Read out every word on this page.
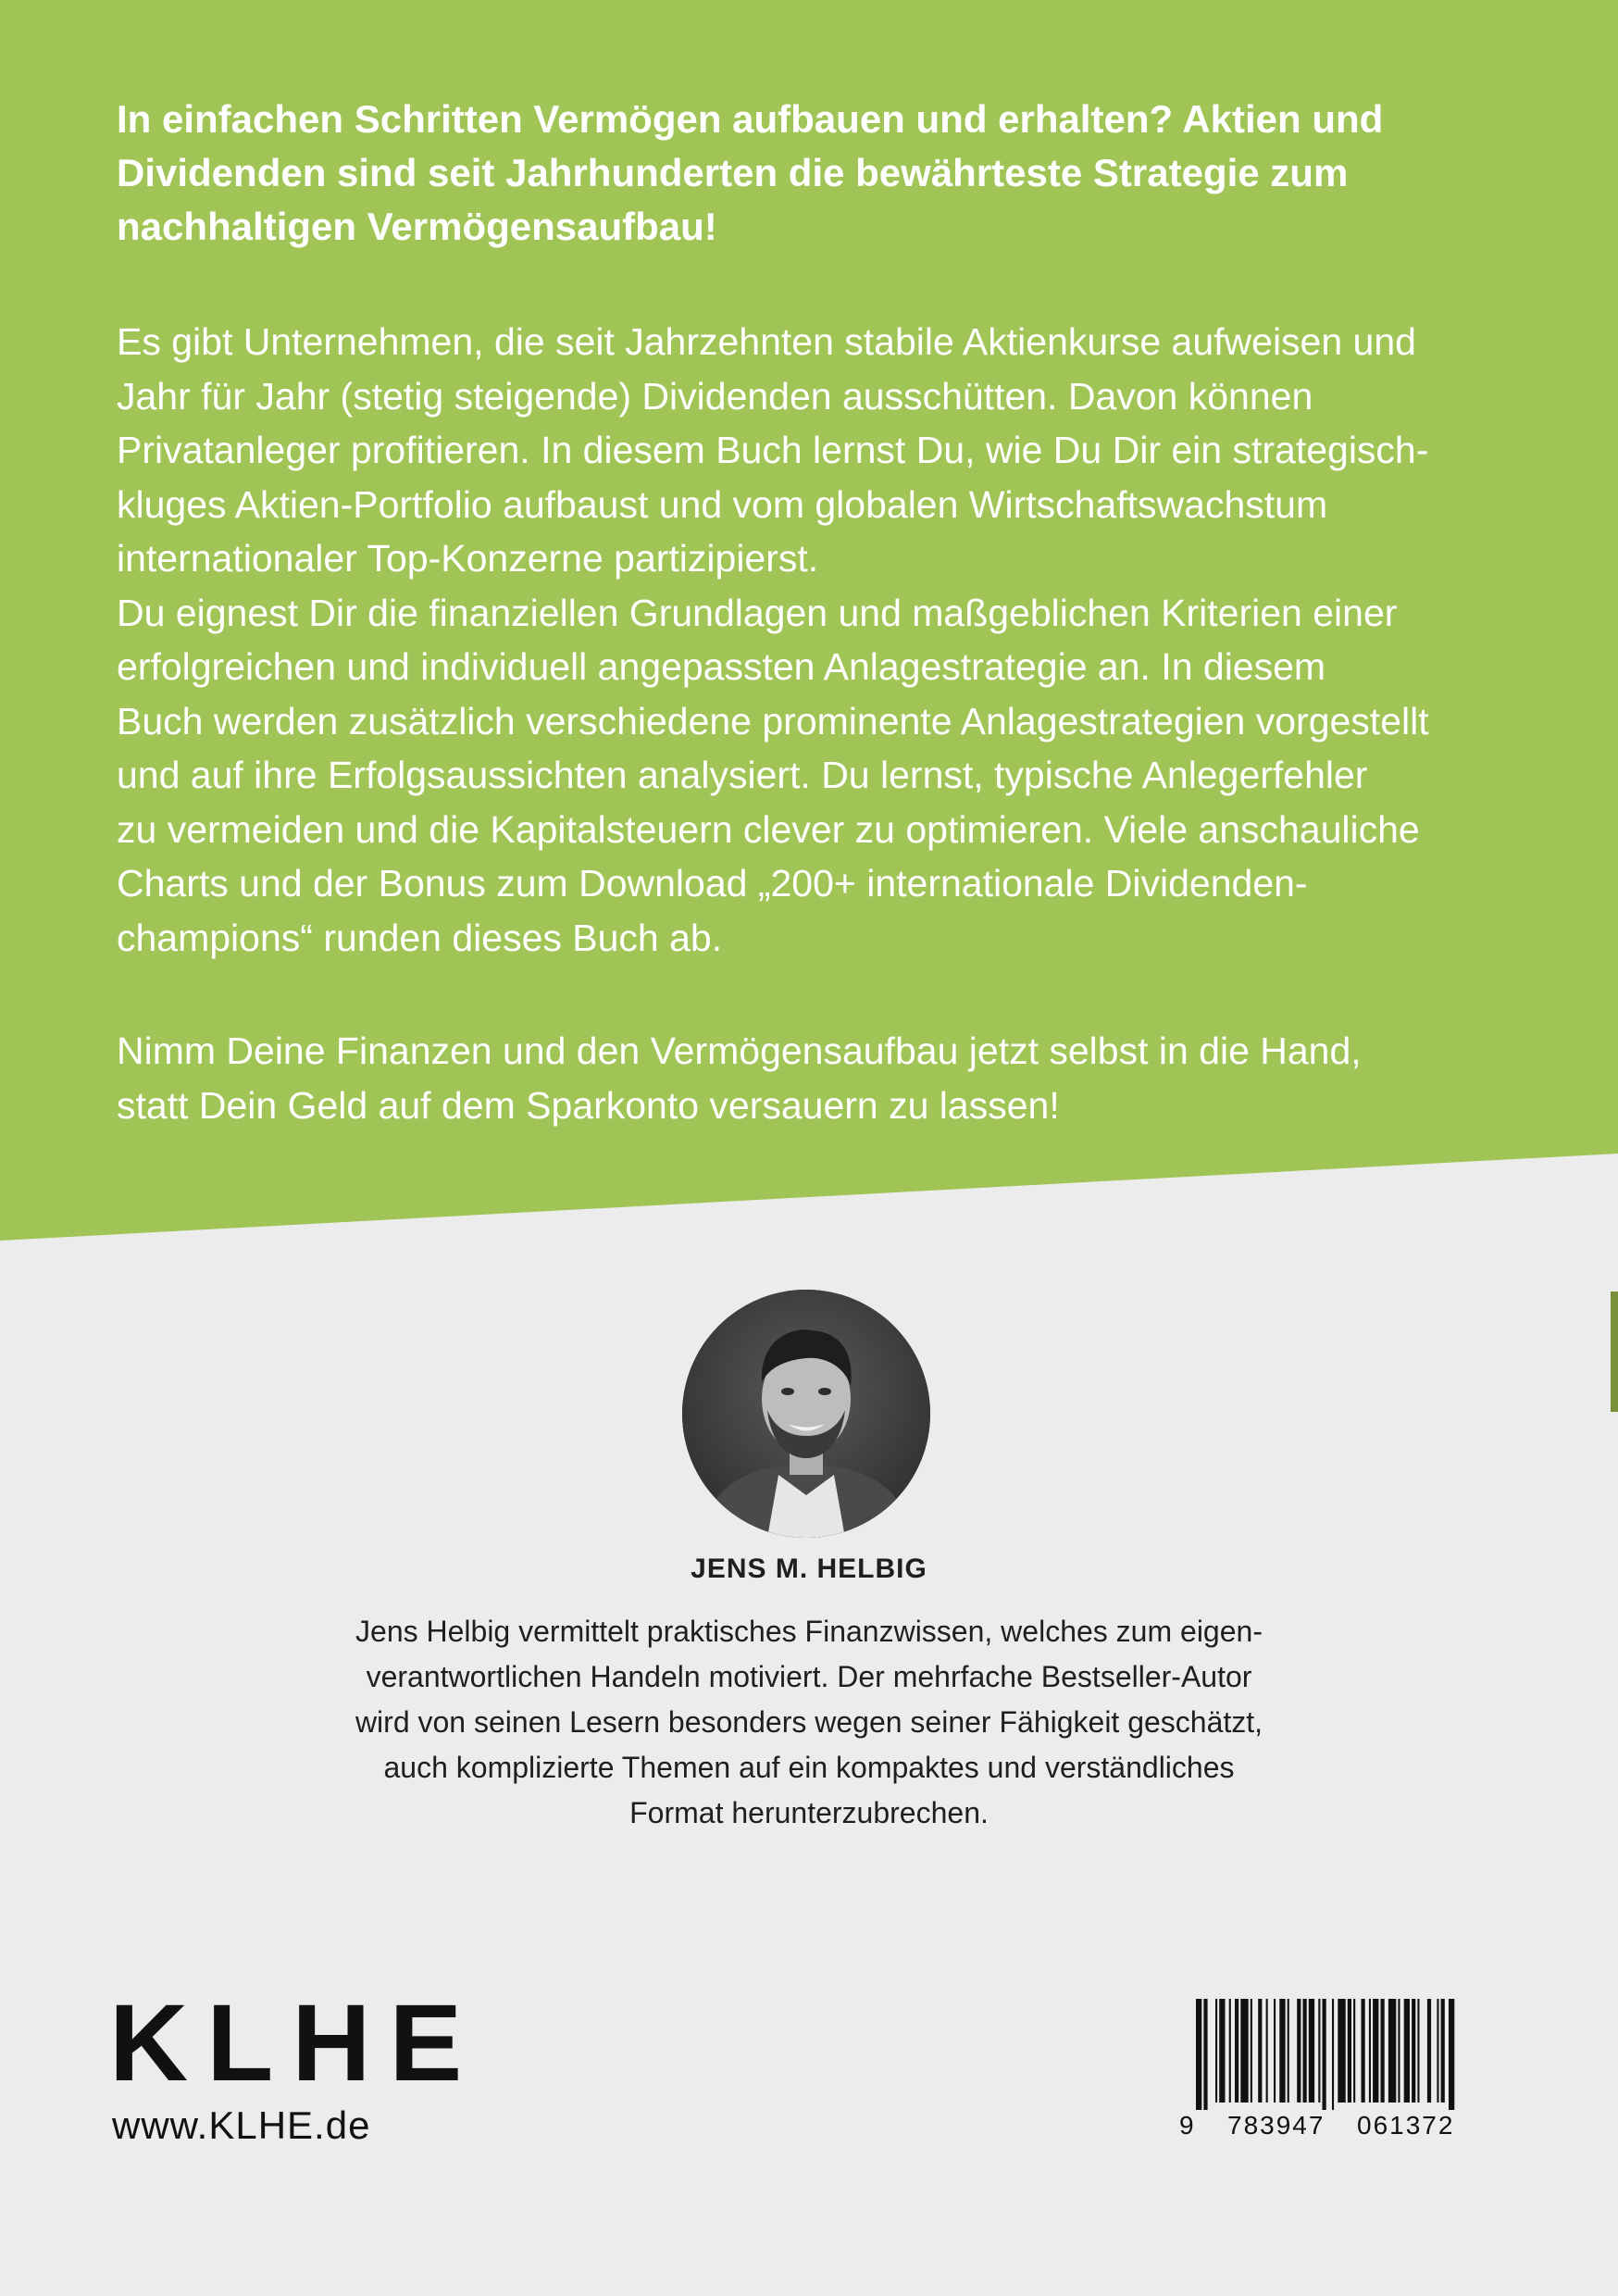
In einfachen Schritten Vermögen aufbauen und erhalten? Aktien und
Dividenden sind seit Jahrhunderten die bewährteste Strategie zum
nachhaltigen Vermögensaufbau!
Es gibt Unternehmen, die seit Jahrzehnten stabile Aktienkurse aufweisen und
Jahr für Jahr (stetig steigende) Dividenden ausschütten. Davon können
Privatanleger profitieren. In diesem Buch lernst Du, wie Du Dir ein strategisch-
kluges Aktien-Portfolio aufbaust und vom globalen Wirtschaftswachstum
internationaler Top-Konzerne partizipierst.
Du eignest Dir die finanziellen Grundlagen und maßgeblichen Kriterien einer
erfolgreichen und individuell angepassten Anlagestrategie an. In diesem
Buch werden zusätzlich verschiedene prominente Anlagestrategien vorgestellt
und auf ihre Erfolgsaussichten analysiert. Du lernst, typische Anlegerfehler
zu vermeiden und die Kapitalsteuern clever zu optimieren. Viele anschauliche
Charts und der Bonus zum Download „200+ internationale Dividenden-
champions“ runden dieses Buch ab.
Nimm Deine Finanzen und den Vermögensaufbau jetzt selbst in die Hand,
statt Dein Geld auf dem Sparkonto versauern zu lassen!
JENS M. HELBIG
Jens Helbig vermittelt praktisches Finanzwissen, welches zum eigen-
verantwortlichen Handeln motiviert. Der mehrfache Bestseller-Autor
wird von seinen Lesern besonders wegen seiner Fähigkeit geschätzt,
auch komplizierte Themen auf ein kompaktes und verständliches
Format herunterzubrechen.
KLHE
www.KLHE.de	9 783947 061372
